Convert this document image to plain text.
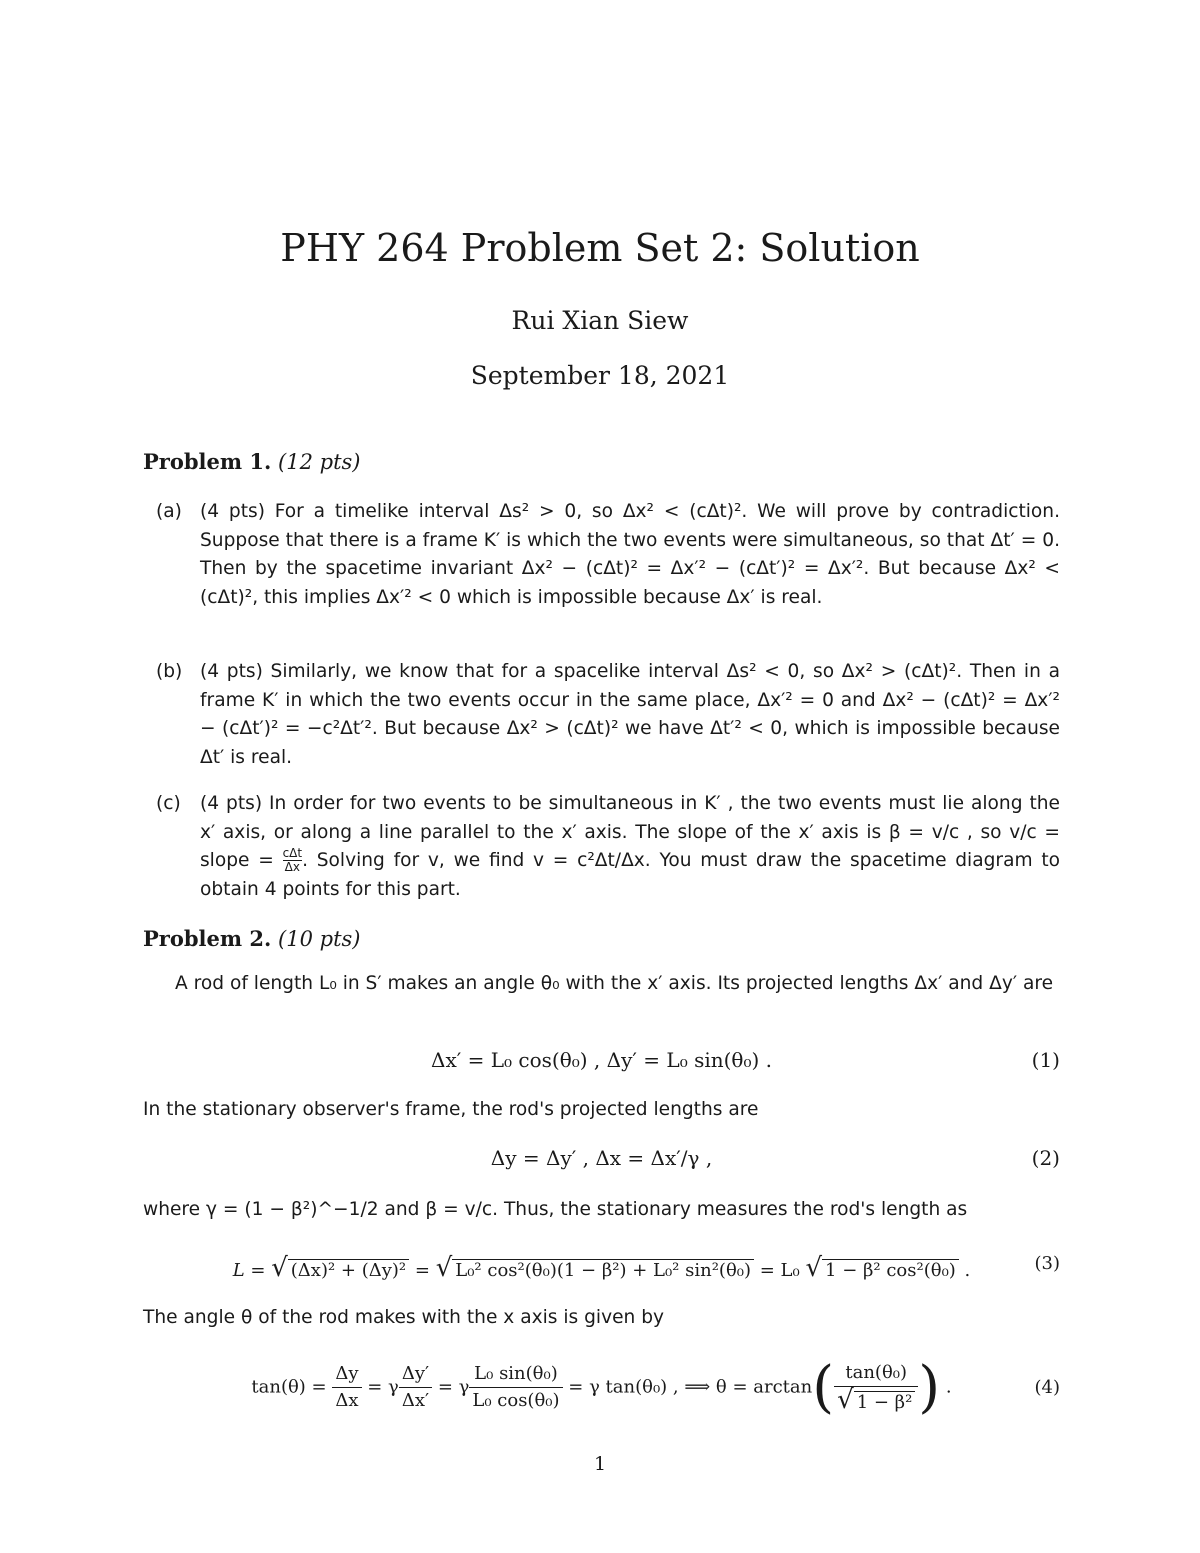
PHY 264 Problem Set 2: Solution
Rui Xian Siew
September 18, 2021
Problem 1. (12 pts)
(a) (4 pts) For a timelike interval Δs² > 0, so Δx² < (cΔt)². We will prove by contradiction. Suppose that there is a frame K′ is which the two events were simultaneous, so that Δt′ = 0. Then by the spacetime invariant Δx² − (cΔt)² = Δx′² − (cΔt′)² = Δx′². But because Δx² < (cΔt)², this implies Δx′² < 0 which is impossible because Δx′ is real.
(b) (4 pts) Similarly, we know that for a spacelike interval Δs² < 0, so Δx² > (cΔt)². Then in a frame K′ in which the two events occur in the same place, Δx′² = 0 and Δx² − (cΔt)² = Δx′² − (cΔt′)² = −c²Δt′². But because Δx² > (cΔt)² we have Δt′² < 0, which is impossible because Δt′ is real.
(c) (4 pts) In order for two events to be simultaneous in K′ , the two events must lie along the x′ axis, or along a line parallel to the x′ axis. The slope of the x′ axis is β = v/c , so v/c = slope = cΔt
Δx . Solving for v, we find v = c²Δt/Δx. You must draw the spacetime diagram to obtain 4 points for this part.
Problem 2. (10 pts)
A rod of length L₀ in S′ makes an angle θ₀ with the x′ axis. Its projected lengths Δx′ and Δy′ are
Δx′ = L₀ cos(θ₀) , Δy′ = L₀ sin(θ₀) .	(1)
In the stationary observer's frame, the rod's projected lengths are
Δy = Δy′ , Δx = Δx′/γ ,	(2)
where γ = (1 − β²)^−1/2 and β = v/c. Thus, the stationary measures the rod's length as
L = √ (Δx)² + (Δy)² = √ L₀² cos²(θ₀)(1 − β²) + L₀² sin²(θ₀) = L₀ √ 1 − β² cos²(θ₀) .	(3)
The angle θ of the rod makes with the x axis is given by
$\tan(\theta) = \frac{\Delta y}{\Delta x} = \gamma \frac{\Delta y'}{\Delta x'} = \gamma \frac{\text{L₀ sin(θ₀)}}{\text{L₀ cos(θ₀)}} = \gamma$ tan(θ₀) , ⟹ $\theta = \arctan( \frac{\text{tan(θ₀)}}{\text{√ 1 − β²}}$ ) .	(4)
1
